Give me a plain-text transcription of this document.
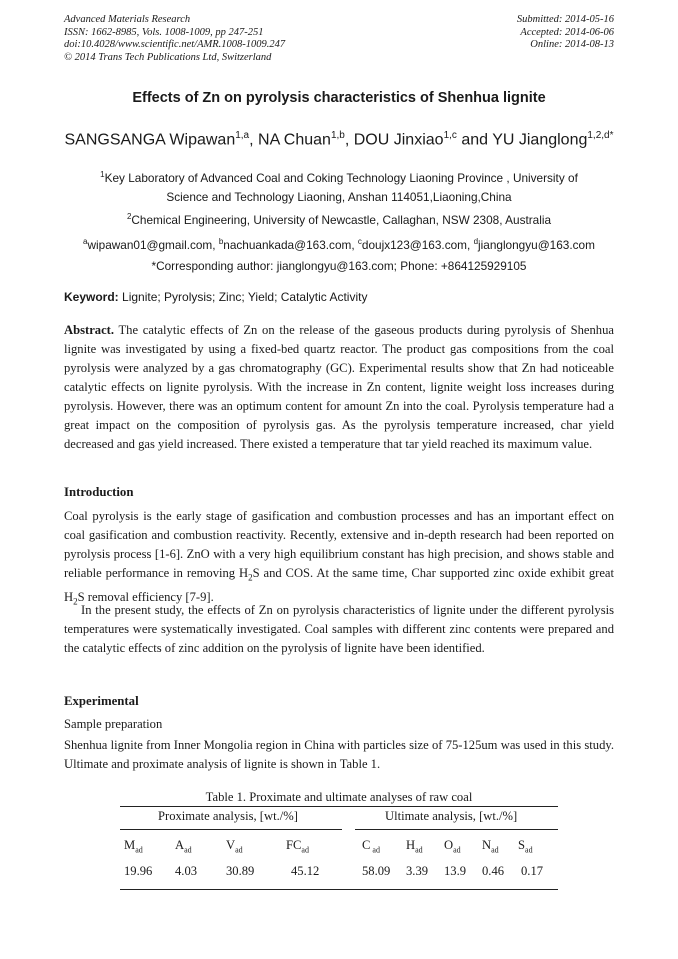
Advanced Materials Research
ISSN: 1662-8985, Vols. 1008-1009, pp 247-251
doi:10.4028/www.scientific.net/AMR.1008-1009.247
© 2014 Trans Tech Publications Ltd, Switzerland
Submitted: 2014-05-16
Accepted: 2014-06-06
Online: 2014-08-13
Effects of Zn on pyrolysis characteristics of Shenhua lignite
SANGSANGA Wipawan$^{1,a}$, NA Chuan$^{1,b}$, DOU Jinxiao$^{1,c}$ and YU Jianglong$^{1,2,d*}$
$^1$Key Laboratory of Advanced Coal and Coking Technology Liaoning Province , University of Science and Technology Liaoning, Anshan 114051,Liaoning,China
$^2$Chemical Engineering, University of Newcastle, Callaghan, NSW 2308, Australia
$^a$wipawan01@gmail.com, $^b$nachuankada@163.com, $^c$doujx123@163.com, $^d$jianglongyu@163.com
*Corresponding author: jianglongyu@163.com; Phone: +864125929105
Keyword: Lignite; Pyrolysis; Zinc; Yield; Catalytic Activity
Abstract. The catalytic effects of Zn on the release of the gaseous products during pyrolysis of Shenhua lignite was investigated by using a fixed-bed quartz reactor. The product gas compositions from the coal pyrolysis were analyzed by a gas chromatography (GC). Experimental results show that Zn had noticeable catalytic effects on lignite pyrolysis. With the increase in Zn content, lignite weight loss increases during pyrolysis. However, there was an optimum content for amount Zn into the coal. Pyrolysis temperature had a great impact on the composition of pyrolysis gas. As the pyrolysis temperature increased, char yield decreased and gas yield increased. There existed a temperature that tar yield reached its maximum value.
Introduction
Coal pyrolysis is the early stage of gasification and combustion processes and has an important effect on coal gasification and combustion reactivity. Recently, extensive and in-depth research had been reported on pyrolysis process [1-6]. ZnO with a very high equilibrium constant has high precision, and shows stable and reliable performance in removing $H_2S$ and COS. At the same time, Char supported zinc oxide exhibit great $H_2S$ removal efficiency [7-9].
In the present study, the effects of Zn on pyrolysis characteristics of lignite under the different pyrolysis temperatures were systematically investigated. Coal samples with different zinc contents were prepared and the catalytic effects of zinc addition on the pyrolysis of lignite have been identified.
Experimental
Sample preparation
Shenhua lignite from Inner Mongolia region in China with particles size of 75-125um was used in this study. Ultimate and proximate analysis of lignite is shown in Table 1.
Table 1. Proximate and ultimate analyses of raw coal
Proximate analysis, [wt./%]	Ultimate analysis, [wt./%]
$M_{ad}$	$A_{ad}$	$V_{ad}$	$FC_{ad}$	C $_{ad}$ $H_{ad}$ $O_{ad}$ $N_{ad}$ $S_{ad}$
19.96 4.03 30.89	45.12	58.09 3.39 13.9 0.46 0.17
